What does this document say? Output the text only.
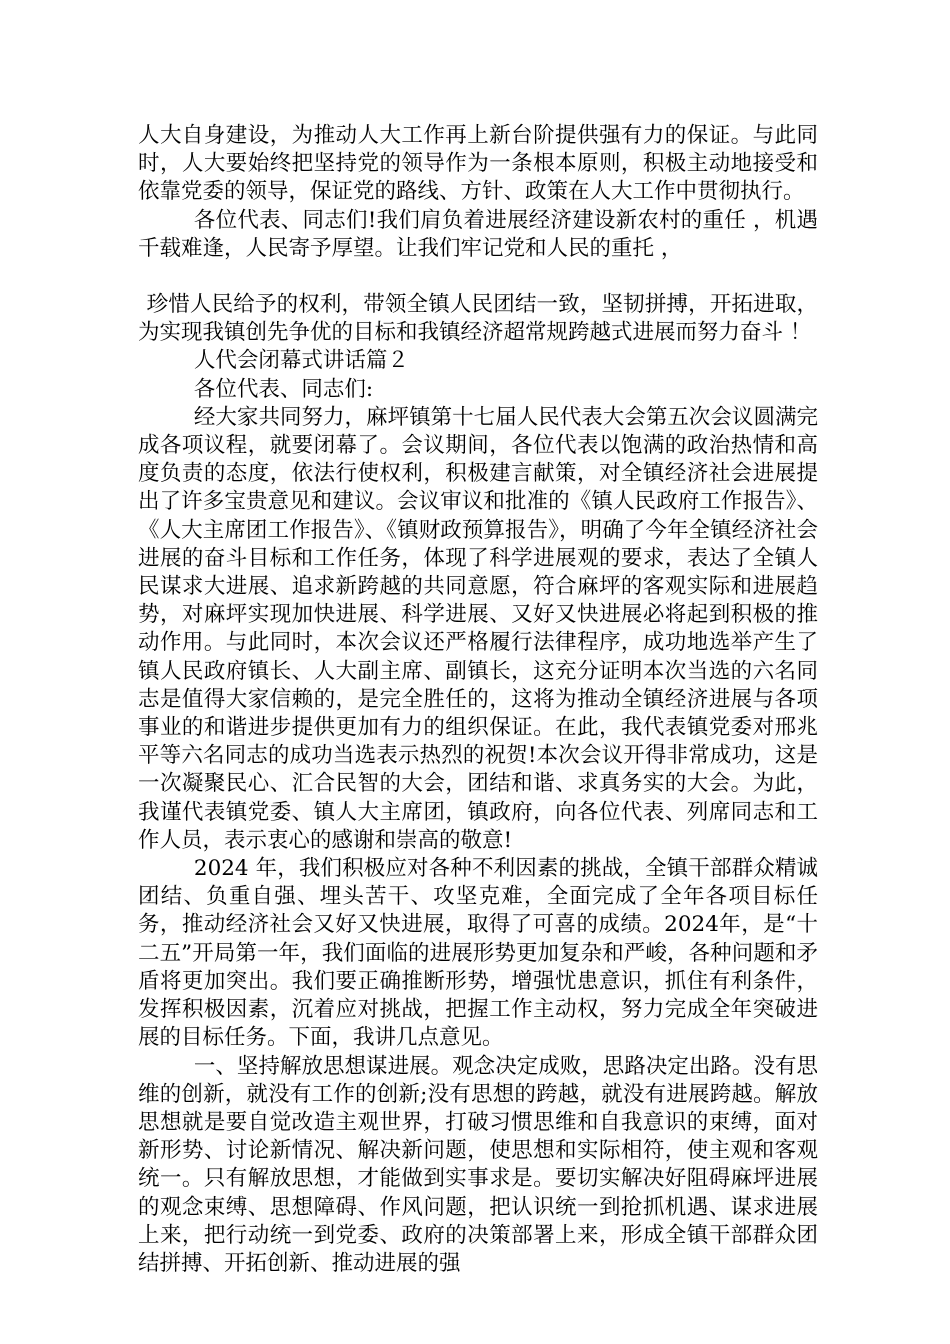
人大自身建设，为推动人大工作再上新台阶提供强有力的保证。与此同时，人大要始终把坚持党的领导作为一条根本原则，积极主动地接受和依靠党委的领导，保证党的路线、方针、政策在人大工作中贯彻执行。

各位代表、同志们!我们肩负着进展经济建设新农村的重任 ，机遇千载难逢，人民寄予厚望。让我们牢记党和人民的重托 ，

珍惜人民给予的权利，带领全镇人民团结一致，坚韧拼搏，开拓进取，为实现我镇创先争优的目标和我镇经济超常规跨越式进展而努力奋斗 ！

人代会闭幕式讲话篇２

各位代表、同志们:

经大家共同努力，麻坪镇第十七届人民代表大会第五次会议圆满完成各项议程，就要闭幕了。会议期间，各位代表以饱满的政治热情和高度负责的态度，依法行使权利，积极建言献策，对全镇经济社会进展提出了许多宝贵意见和建议。会议审议和批准的《镇人民政府工作报告》、《人大主席团工作报告》、《镇财政预算报告》，明确了今年全镇经济社会进展的奋斗目标和工作任务，体现了科学进展观的要求，表达了全镇人民谋求大进展、追求新跨越的共同意愿，符合麻坪的客观实际和进展趋势，对麻坪实现加快进展、科学进展、又好又快进展必将起到积极的推动作用。与此同时，本次会议还严格履行法律程序，成功地选举产生了镇人民政府镇长、人大副主席、副镇长，这充分证明本次当选的六名同志是值得大家信赖的，是完全胜任的，这将为推动全镇经济进展与各项事业的和谐进步提供更加有力的组织保证。在此，我代表镇党委对邢兆平等六名同志的成功当选表示热烈的祝贺!本次会议开得非常成功，这是一次凝聚民心、汇合民智的大会，团结和谐、求真务实的大会。为此，我谨代表镇党委、镇人大主席团，镇政府，向各位代表、列席同志和工作人员，表示衷心的感谢和崇高的敬意!

2024 年，我们积极应对各种不利因素的挑战，全镇干部群众精诚团结、负重自强、埋头苦干、攻坚克难，全面完成了全年各项目标任务，推动经济社会又好又快进展，取得了可喜的成绩。2024年，是“十二五”开局第一年，我们面临的进展形势更加复杂和严峻，各种问题和矛盾将更加突出。我们要正确推断形势，增强忧患意识，抓住有利条件，发挥积极因素，沉着应对挑战，把握工作主动权，努力完成全年突破进展的目标任务。下面，我讲几点意见。

一、坚持解放思想谋进展。观念决定成败，思路决定出路。没有思维的创新，就没有工作的创新;没有思想的跨越，就没有进展跨越。解放思想就是要自觉改造主观世界，打破习惯思维和自我意识的束缚，面对新形势、讨论新情况、解决新问题，使思想和实际相符，使主观和客观统一。只有解放思想，才能做到实事求是。要切实解决好阻碍麻坪进展的观念束缚、思想障碍、作风问题，把认识统一到抢抓机遇、谋求进展上来，把行动统一到党委、政府的决策部署上来，形成全镇干部群众团结拼搏、开拓创新、推动进展的强
